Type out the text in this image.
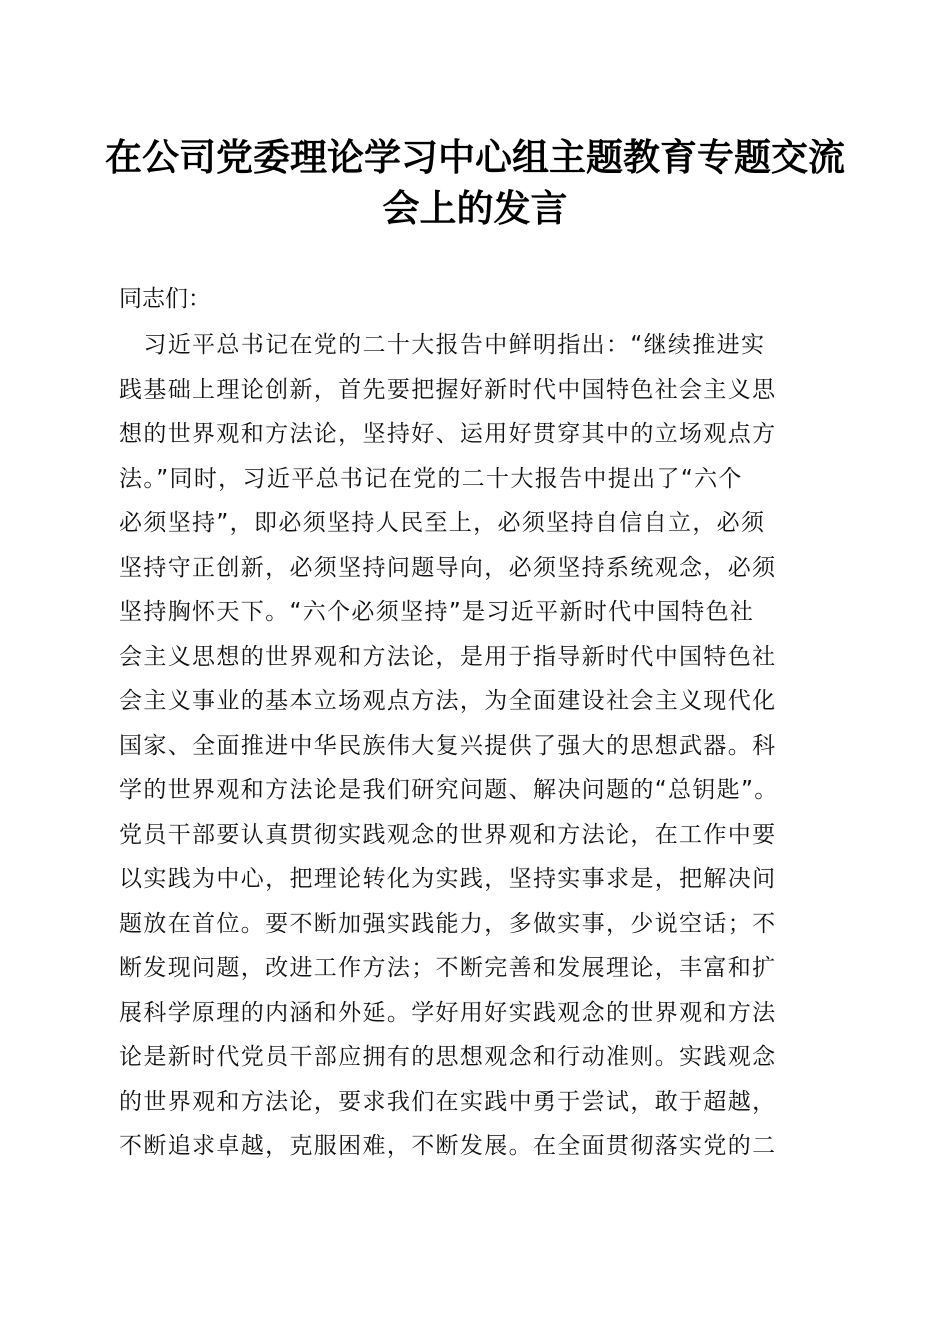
在公司党委理论学习中心组主题教育专题交流
会上的发言
同志们：
　习近平总书记在党的二十大报告中鲜明指出：“继续推进实
践基础上理论创新，首先要把握好新时代中国特色社会主义思
想的世界观和方法论，坚持好、运用好贯穿其中的立场观点方
法。”同时，习近平总书记在党的二十大报告中提出了“六个
必须坚持”，即必须坚持人民至上，必须坚持自信自立，必须
坚持守正创新，必须坚持问题导向，必须坚持系统观念，必须
坚持胸怀天下。“六个必须坚持”是习近平新时代中国特色社
会主义思想的世界观和方法论，是用于指导新时代中国特色社
会主义事业的基本立场观点方法，为全面建设社会主义现代化
国家、全面推进中华民族伟大复兴提供了强大的思想武器。科
学的世界观和方法论是我们研究问题、解决问题的“总钥匙”。
党员干部要认真贯彻实践观念的世界观和方法论，在工作中要
以实践为中心，把理论转化为实践，坚持实事求是，把解决问
题放在首位。要不断加强实践能力，多做实事，少说空话；不
断发现问题，改进工作方法；不断完善和发展理论，丰富和扩
展科学原理的内涵和外延。学好用好实践观念的世界观和方法
论是新时代党员干部应拥有的思想观念和行动准则。实践观念
的世界观和方法论，要求我们在实践中勇于尝试，敢于超越，
不断追求卓越，克服困难，不断发展。在全面贯彻落实党的二
